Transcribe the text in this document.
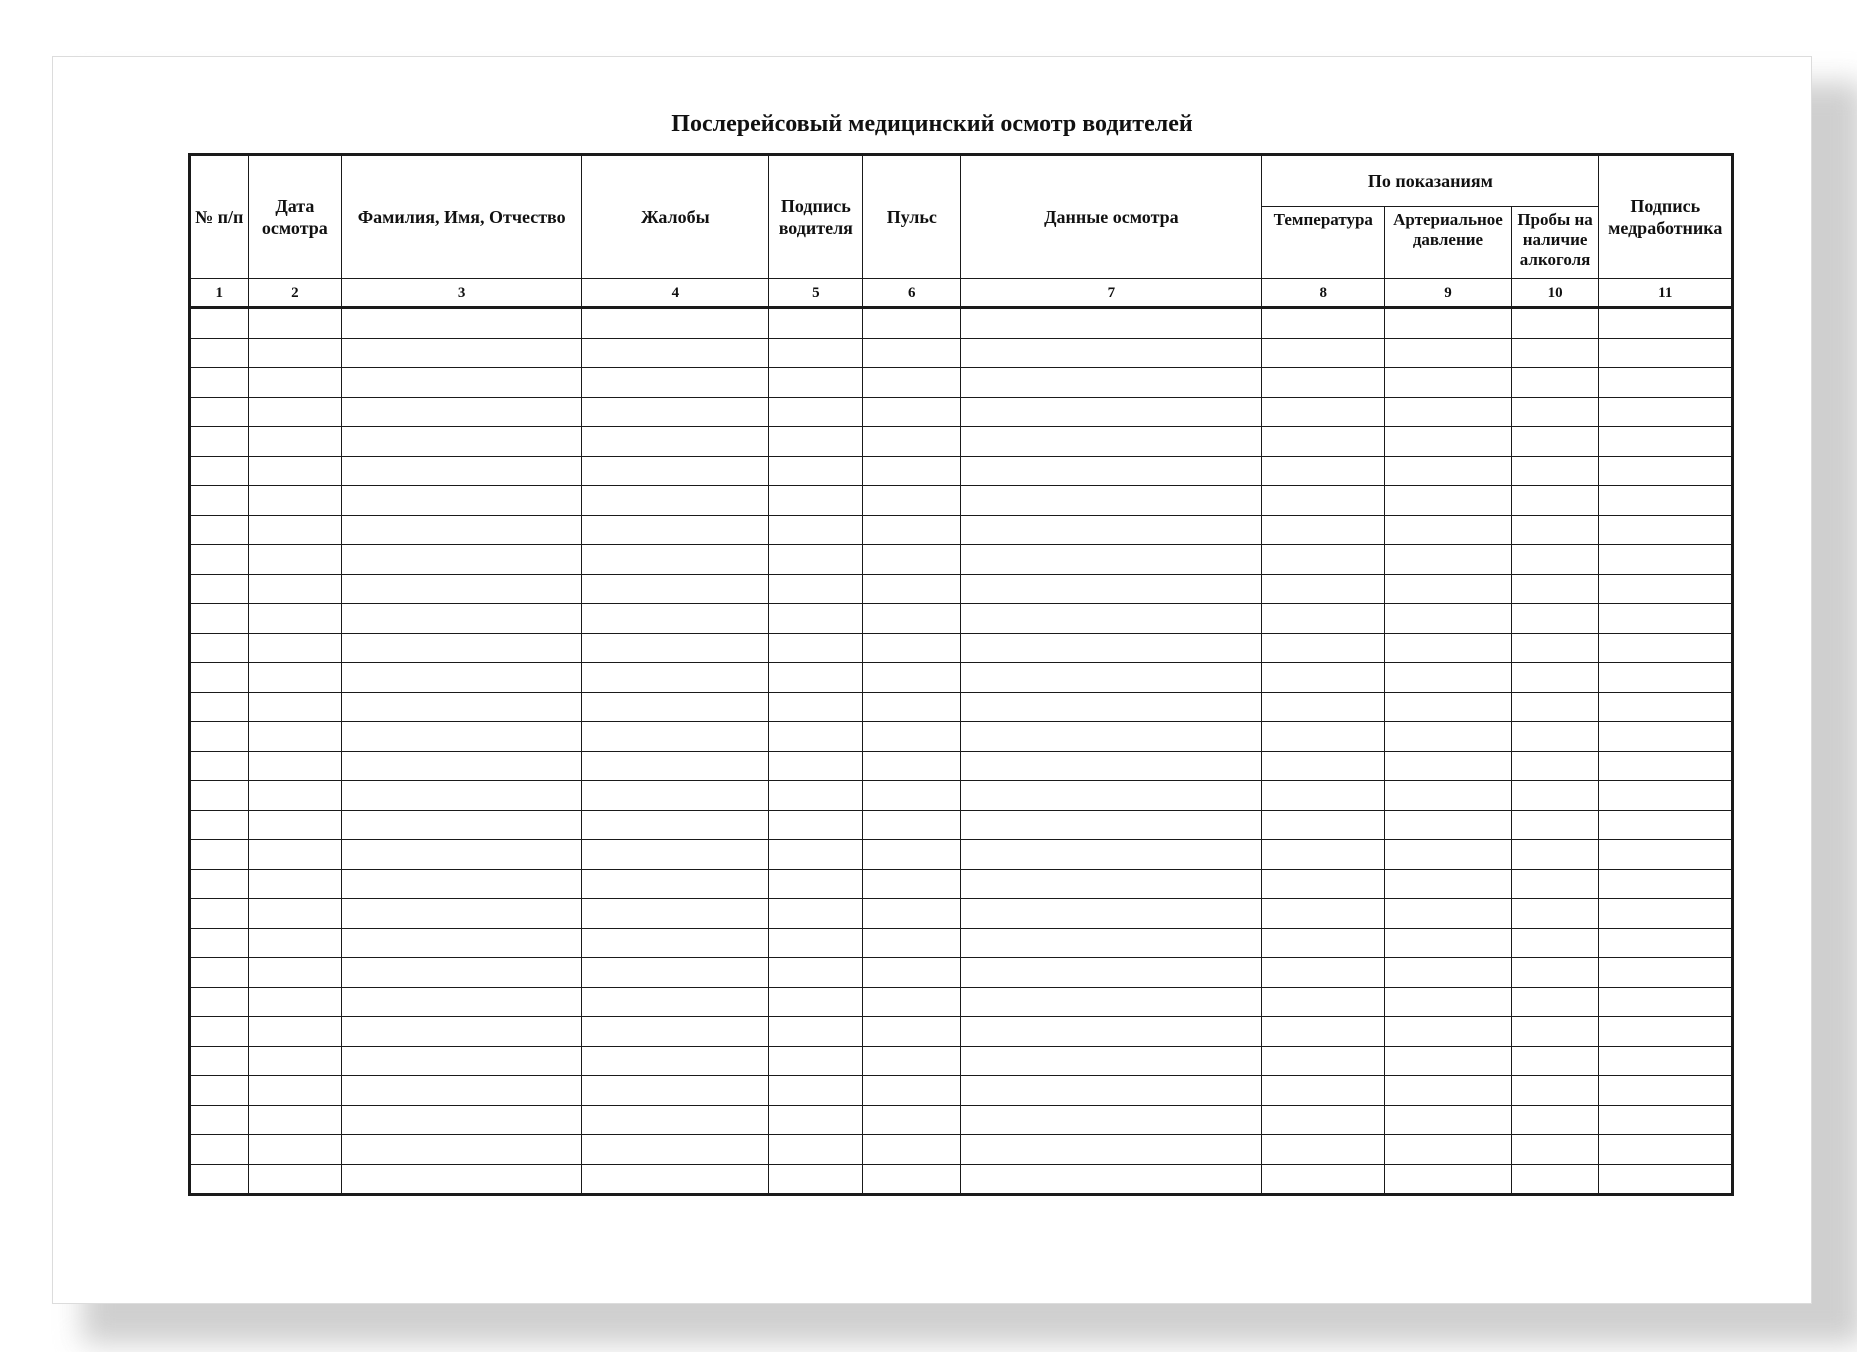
Послерейсовый медицинский осмотр водителей
№ п/п	Дата осмотра	Фамилия, Имя, Отчество	Жалобы	Подпись водителя	Пульс	Данные осмотра	По показаниям			Подпись медработника
							Температура	Артериальное давление	Пробы на наличие алкоголя	
1	2	3	4	5	6	7	8	9	10	11
